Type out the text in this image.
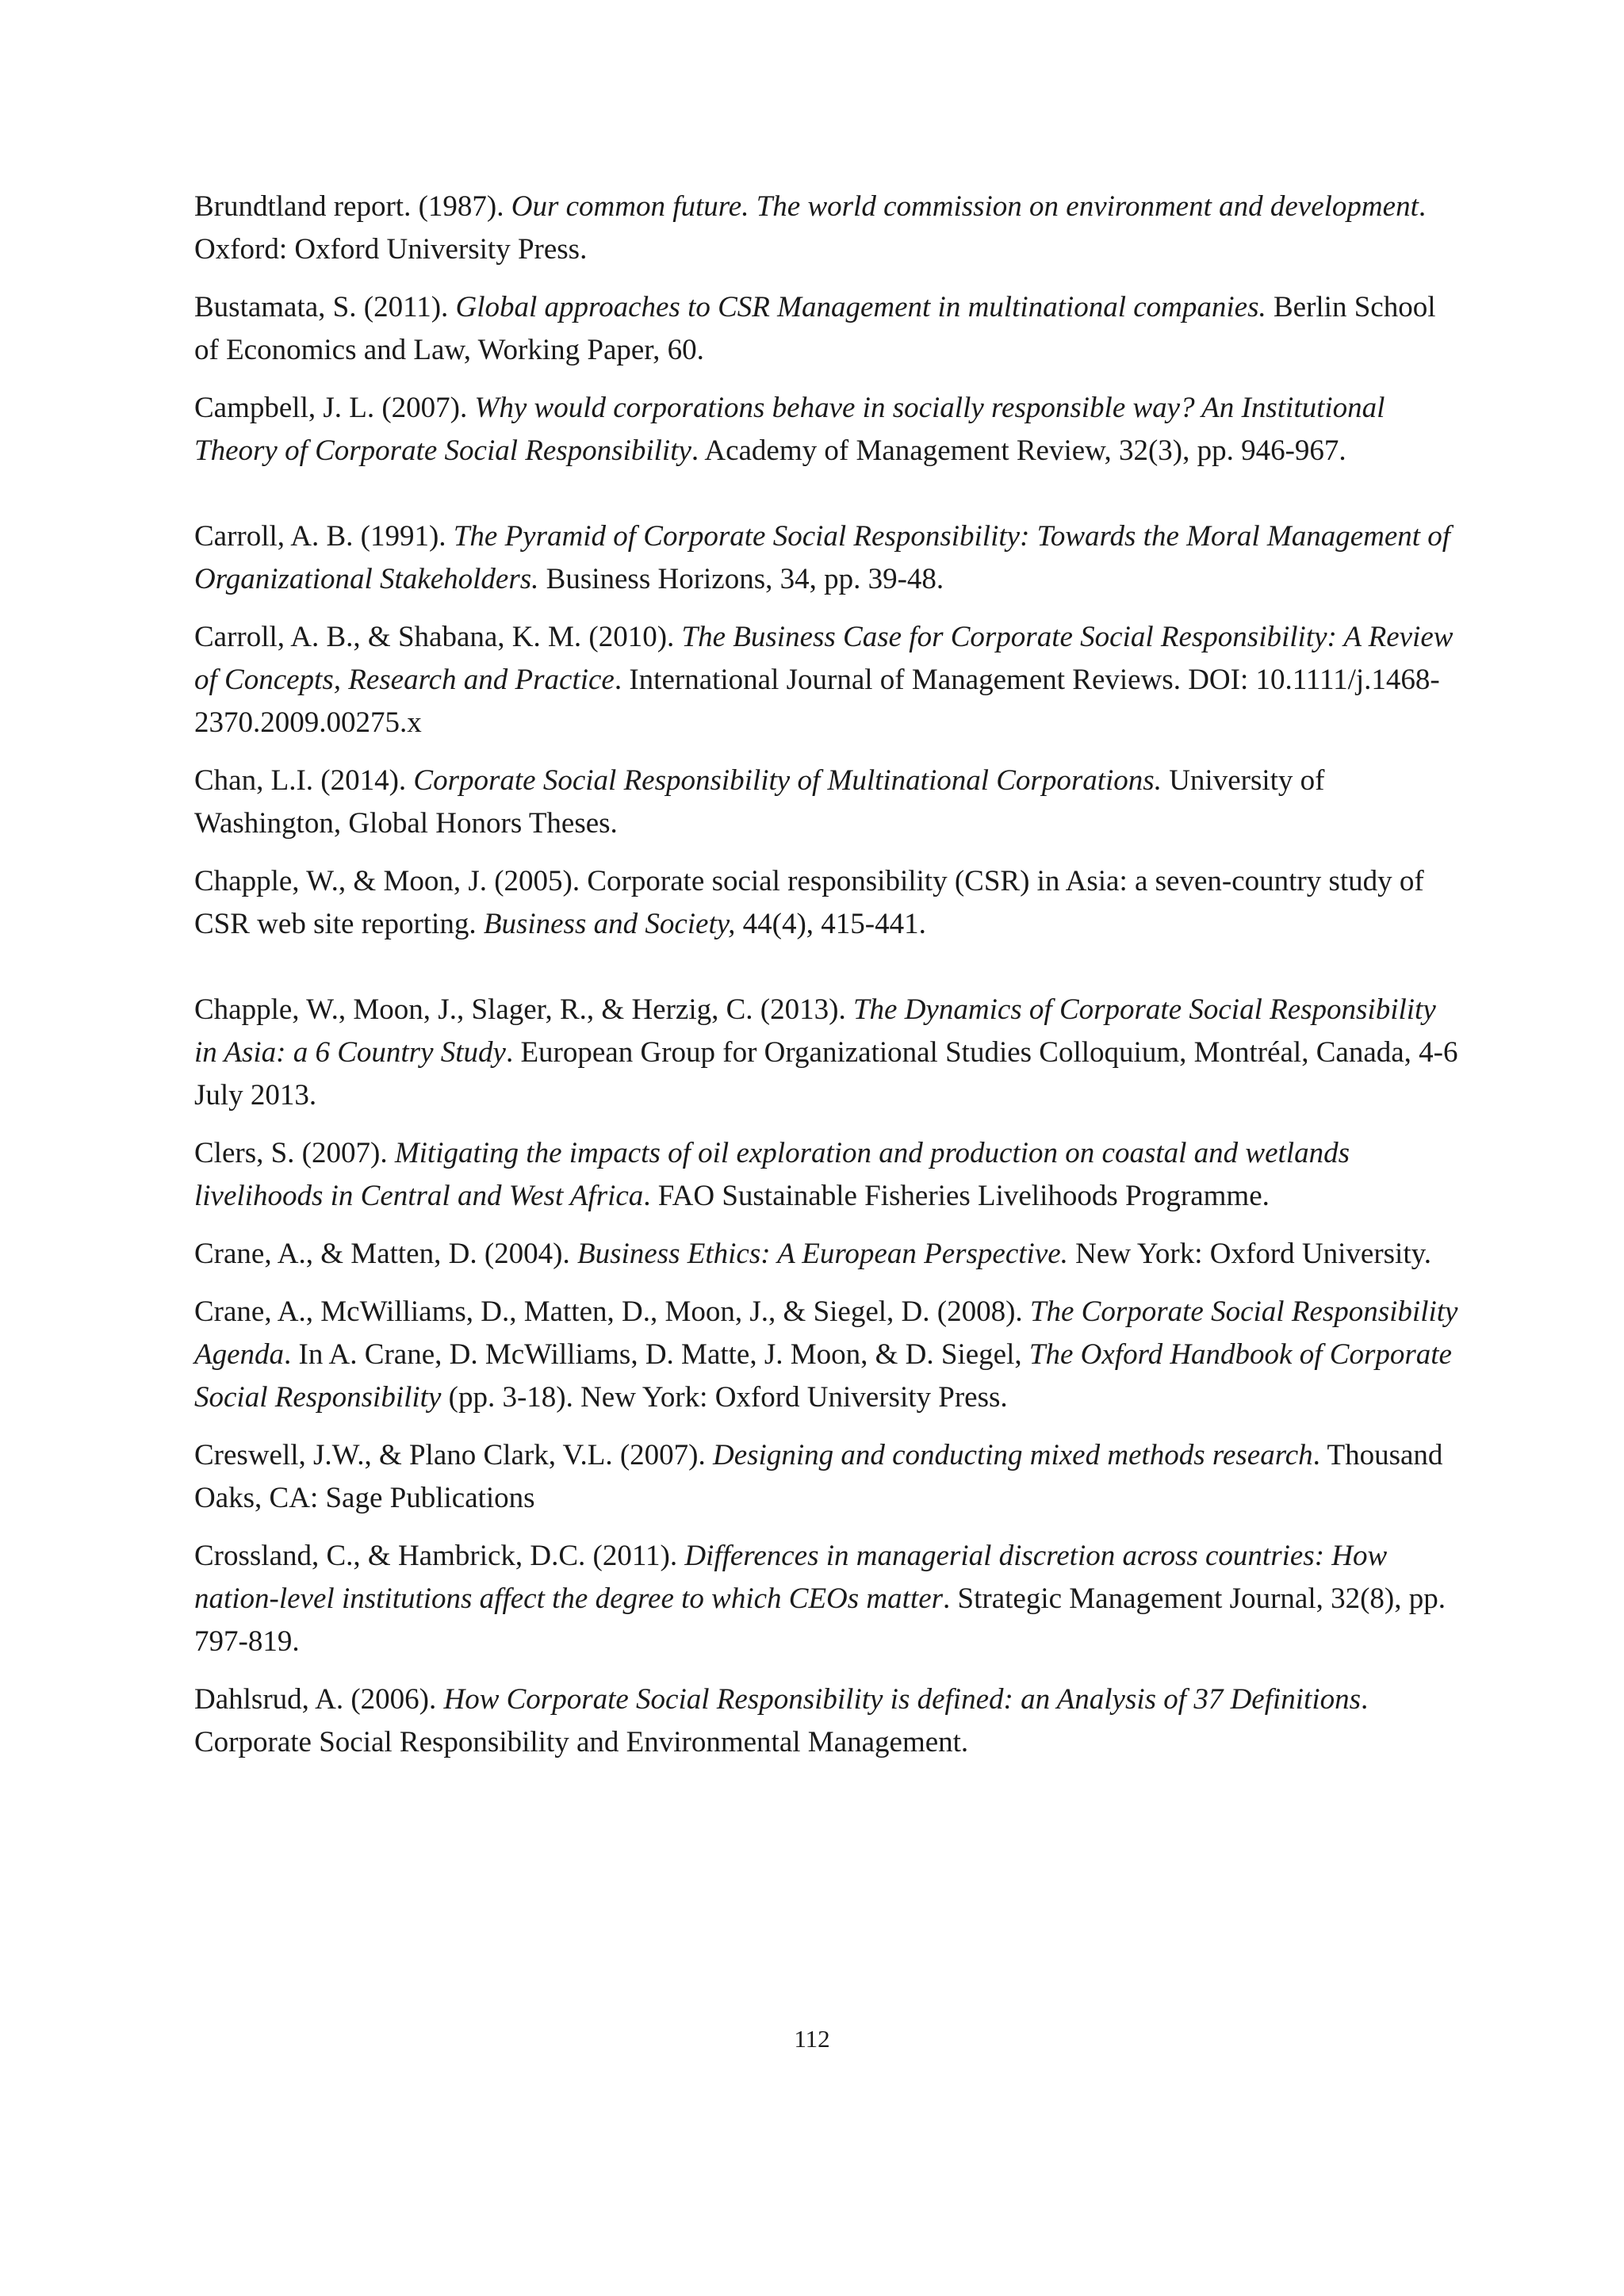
Brundtland report. (1987). Our common future. The world commission on environment and development. Oxford: Oxford University Press.

Bustamata, S. (2011). Global approaches to CSR Management in multinational companies. Berlin School of Economics and Law, Working Paper, 60.

Campbell, J. L. (2007). Why would corporations behave in socially responsible way? An Institutional Theory of Corporate Social Responsibility. Academy of Management Review, 32(3), pp. 946-967.

Carroll, A. B. (1991). The Pyramid of Corporate Social Responsibility: Towards the Moral Management of Organizational Stakeholders. Business Horizons, 34, pp. 39-48.

Carroll, A. B., & Shabana, K. M. (2010). The Business Case for Corporate Social Responsibility: A Review of Concepts, Research and Practice. International Journal of Management Reviews. DOI: 10.1111/j.1468-2370.2009.00275.x

Chan, L.I. (2014). Corporate Social Responsibility of Multinational Corporations. University of Washington, Global Honors Theses.

Chapple, W., & Moon, J. (2005). Corporate social responsibility (CSR) in Asia: a seven-country study of CSR web site reporting. Business and Society, 44(4), 415-441.

Chapple, W., Moon, J., Slager, R., & Herzig, C. (2013). The Dynamics of Corporate Social Responsibility in Asia: a 6 Country Study. European Group for Organizational Studies Colloquium, Montréal, Canada, 4-6 July 2013.

Clers, S. (2007). Mitigating the impacts of oil exploration and production on coastal and wetlands livelihoods in Central and West Africa. FAO Sustainable Fisheries Livelihoods Programme.

Crane, A., & Matten, D. (2004). Business Ethics: A European Perspective. New York: Oxford University.

Crane, A., McWilliams, D., Matten, D., Moon, J., & Siegel, D. (2008). The Corporate Social Responsibility Agenda. In A. Crane, D. McWilliams, D. Matte, J. Moon, & D. Siegel, The Oxford Handbook of Corporate Social Responsibility (pp. 3-18). New York: Oxford University Press.

Creswell, J.W., & Plano Clark, V.L. (2007). Designing and conducting mixed methods research. Thousand Oaks, CA: Sage Publications

Crossland, C., & Hambrick, D.C. (2011). Differences in managerial discretion across countries: How nation-level institutions affect the degree to which CEOs matter. Strategic Management Journal, 32(8), pp. 797-819.

Dahlsrud, A. (2006). How Corporate Social Responsibility is defined: an Analysis of 37 Definitions. Corporate Social Responsibility and Environmental Management.

112
